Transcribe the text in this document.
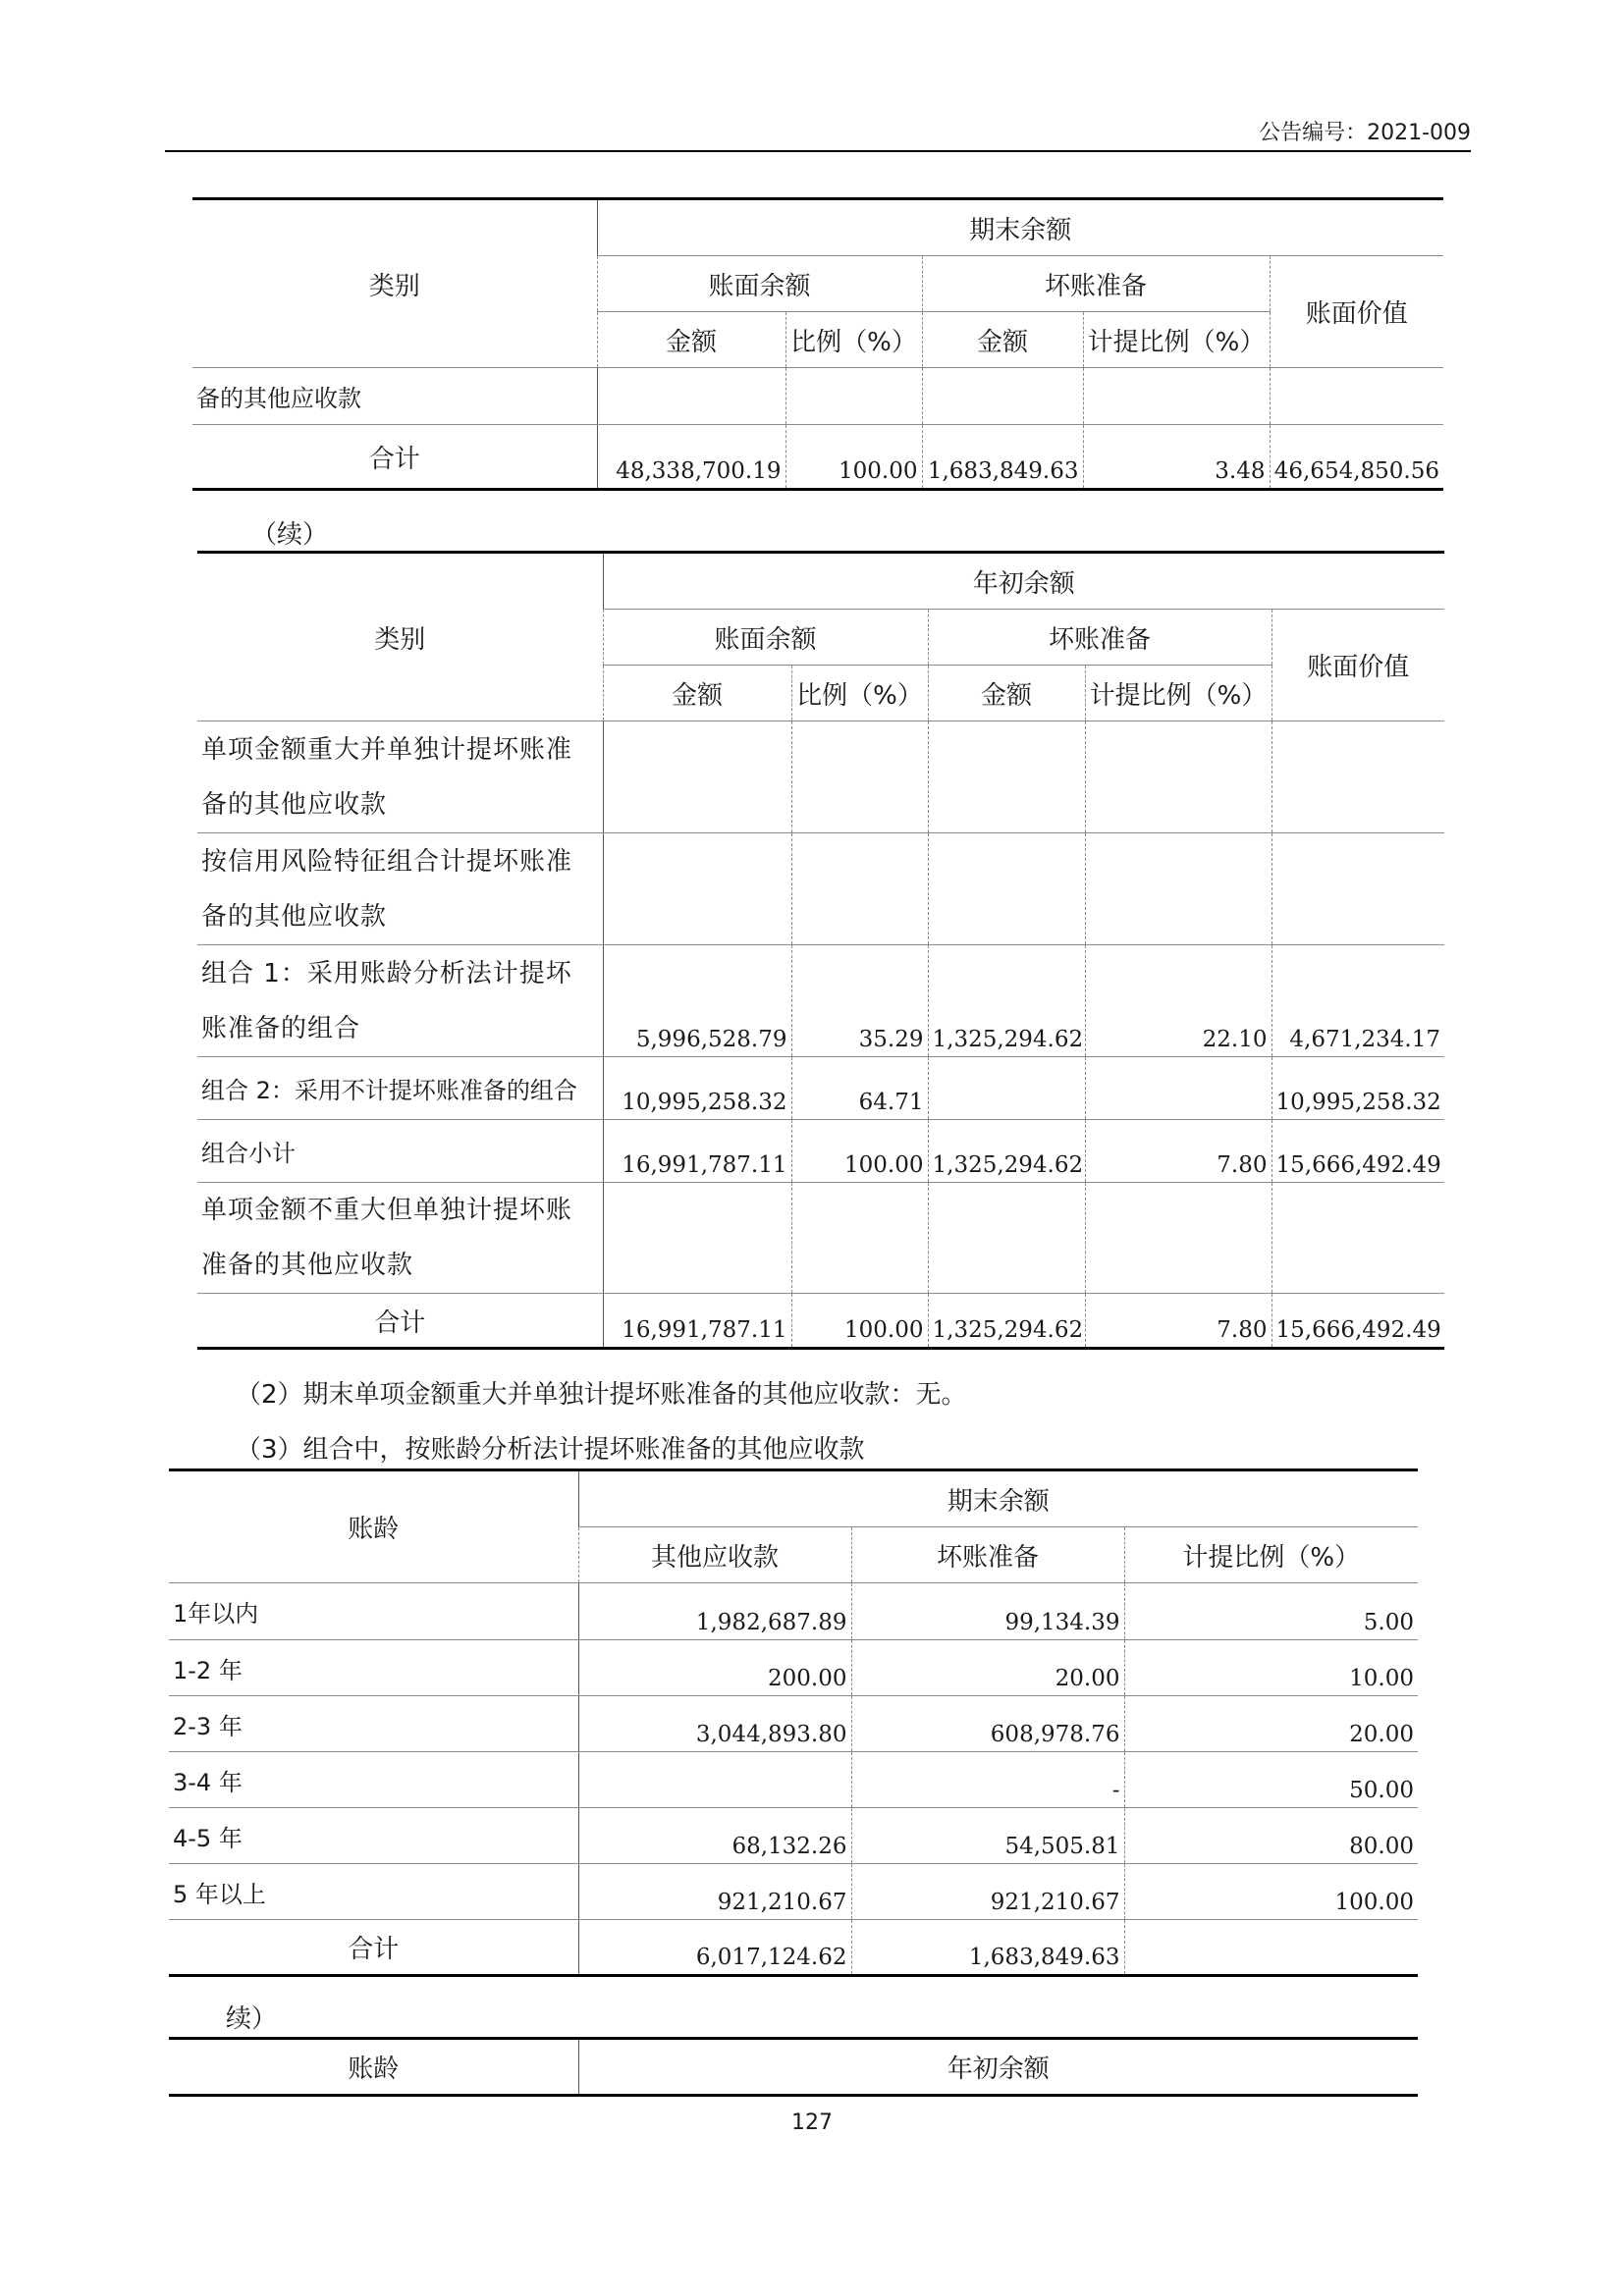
公告编号：2021-009
类别	期末余额				
	账面余额		坏账准备		账面价值
	金额	比例（%）	金额	计提比例（%）	
备的其他应收款					
合计	48,338,700.19	100.00	1,683,849.63	3.48	46,654,850.56
（续）
类别	年初余额				
	账面余额		坏账准备		账面价值
	金额	比例（%）	金额	计提比例（%）	
单项金额重大并单独计提坏账准备的其他应收款					
按信用风险特征组合计提坏账准备的其他应收款					
组合 1：采用账龄分析法计提坏账准备的组合	5,996,528.79	35.29	1,325,294.62	22.10	4,671,234.17
组合 2：采用不计提坏账准备的组合	10,995,258.32	64.71			10,995,258.32
组合小计	16,991,787.11	100.00	1,325,294.62	7.80	15,666,492.49
单项金额不重大但单独计提坏账准备的其他应收款					
合计	16,991,787.11	100.00	1,325,294.62	7.80	15,666,492.49
（2）期末单项金额重大并单独计提坏账准备的其他应收款：无。
（3）组合中，按账龄分析法计提坏账准备的其他应收款
账龄	期末余额		
	其他应收款	坏账准备	计提比例（%）
1年以内	1,982,687.89	99,134.39	5.00
1-2 年	200.00	20.00	10.00
2-3 年	3,044,893.80	608,978.76	20.00
3-4 年		-	50.00
4-5 年	68,132.26	54,505.81	80.00
5 年以上	921,210.67	921,210.67	100.00
合计	6,017,124.62	1,683,849.63	
续）
账龄	年初余额
127
